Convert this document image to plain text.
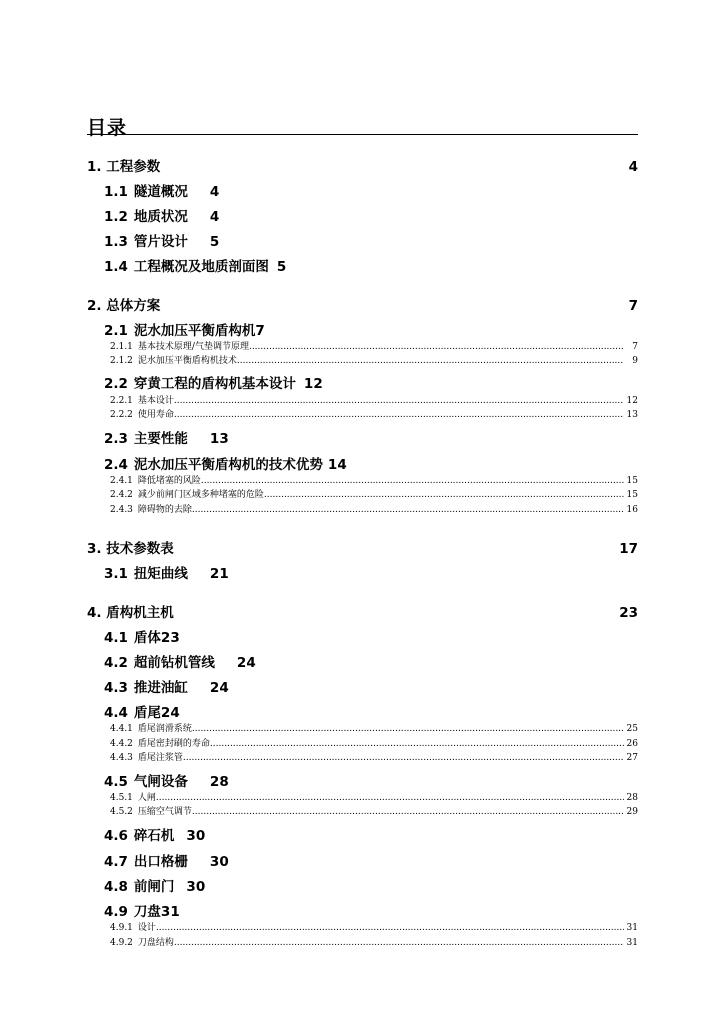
目录
1. 工程参数	4
1.1 隧道概况 4
1.2 地质状况 4
1.3 管片设计 5
1.4 工程概况及地质剖面图 5
2. 总体方案	7
2.1 泥水加压平衡盾构机7
2.1.1 基本技术原理/气垫调节原理 .....	7
2.1.2 泥水加压平衡盾构机技术 .....	9
2.2 穿黄工程的盾构机基本设计 12
2.2.1 基本设计 .....	12
2.2.2 使用寿命 .....	13
2.3 主要性能 13
2.4 泥水加压平衡盾构机的技术优势 14
2.4.1 降低堵塞的风险 .....	15
2.4.2 减少前闸门区域多种堵塞的危险 .....	15
2.4.3 障碍物的去除 .....	16
3. 技术参数表	17
3.1 扭矩曲线 21
4. 盾构机主机	23
4.1 盾体23
4.2 超前钻机管线 24
4.3 推进油缸 24
4.4 盾尾24
4.4.1 盾尾润滑系统 .....	25
4.4.2 盾尾密封刷的寿命 .....	26
4.4.3 盾尾注浆管 .....	27
4.5 气闸设备 28
4.5.1 人闸 .....	28
4.5.2 压缩空气调节 .....	29
4.6 碎石机 30
4.7 出口格栅 30
4.8 前闸门 30
4.9 刀盘31
4.9.1 设计 .....	31
4.9.2 刀盘结构 .....	31
